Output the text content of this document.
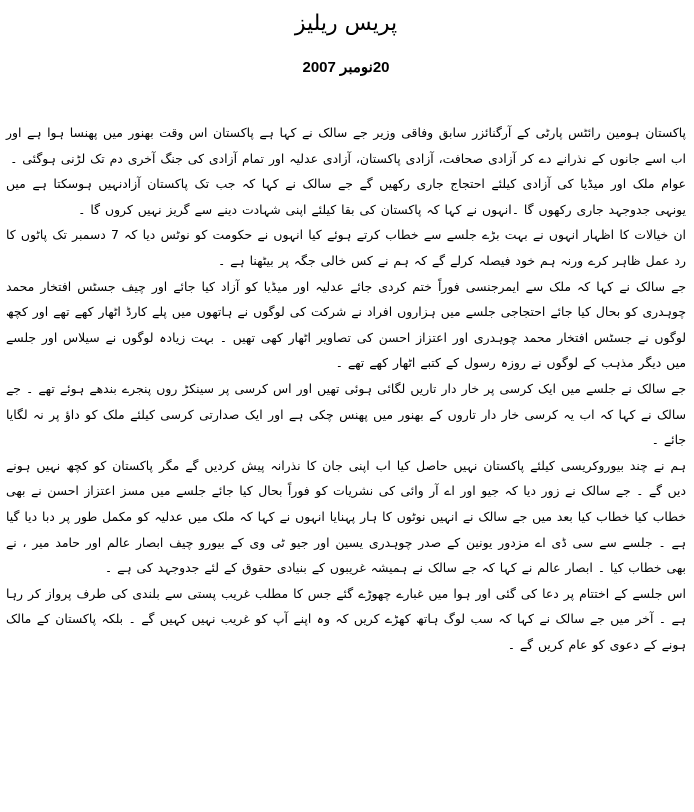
پریس ریلیز
20نومبر 2007

پاکستان ہومین رائٹس پارٹی کے آرگنائزر سابق وفاقی وزیر جے سالک نے کہا ہے پاکستان اس وقت بھنور میں پھنسا ہوا ہے اور اب اسے جانوں کے نذرانے دے کر آزادی صحافت، آزادی پاکستان، آزادی عدلیہ اور تمام آزادی کی جنگ آخری دم تک لڑنی ہوگئی ۔

عوام ملک اور میڈیا کی آزادی کیلئے احتجاج جاری رکھیں گے جے سالک نے کہا کہ جب تک پاکستان آزادنہیں ہوسکتا ہے میں یونہی جدوجہد جاری رکھوں گا ۔انہوں نے کہا کہ پاکستان کی بقا کیلئے اپنی شہادت دینے سے گریز نہیں کروں گا ۔

ان خیالات کا اظہار انہوں نے بہت بڑے جلسے سے خطاب کرتے ہوئے کیا انہوں نے حکومت کو نوٹس دیا کہ 7 دسمبر تک پاٹوں کا رد عمل ظاہر کرے ورنہ ہم خود فیصلہ کرلے گے کہ ہم نے کس خالی جگہ پر بیٹھنا ہے ۔

جے سالک نے کہا کہ ملک سے ایمرجنسی فوراً ختم کردی جائے عدلیہ اور میڈیا کو آزاد کیا جائے اور چیف جسٹس افتخار محمد چوہدری کو بحال کیا جائے احتجاجی جلسے میں ہزاروں افراد نے شرکت کی لوگوں نے ہاتھوں میں پلے کارڈ اٹھار کھے تھے اور کچھ لوگوں نے جسٹس افتخار محمد چوہدری اور اعتزاز احسن کی تصاویر اٹھار کھی تھیں ۔ بہت زیادہ لوگوں نے سیلاس اور جلسے میں دیگر مذہب کے لوگوں نے روزہ رسول کے کتبے اٹھار کھے تھے ۔

جے سالک نے جلسے میں ایک کرسی پر خار دار تاریں لگائی ہوئی تھیں اور اس کرسی پر سینکڑ روں پنجرے بندھے ہوئے تھے ۔ جے سالک نے کہا کہ اب یہ کرسی خار دار تاروں کے بھنور میں پھنس چکی ہے اور ایک صدارتی کرسی کیلئے ملک کو داؤ پر نہ لگایا جائے ۔

ہم نے چند بیوروکریسی کیلئے پاکستان نہیں حاصل کیا اب اپنی جان کا نذرانہ پیش کردیں گے مگر پاکستان کو کچھ نہیں ہونے دیں گے ۔ جے سالک نے زور دیا کہ جیو اور اے آر وائی کی نشریات کو فوراً بحال کیا جائے جلسے میں مسز اعتزاز احسن نے بھی خطاب کیا خطاب کیا بعد میں جے سالک نے انہیں نوٹوں کا ہار پہنایا انہوں نے کہا کہ ملک میں عدلیہ کو مکمل طور پر دبا دیا گیا ہے ۔ جلسے سے سی ڈی اے مزدور یونین کے صدر چوہدری یسین اور جیو ٹی وی کے بیورو چیف ابصار عالم اور حامد میر ، نے بھی خطاب کیا ۔ ابصار عالم نے کہا کہ جے سالک نے ہمیشہ غریبوں کے بنیادی حقوق کے لئے جدوجہد کی ہے ۔

اس جلسے کے اختتام پر دعا کی گئی اور ہوا میں غبارے چھوڑے گئے جس کا مطلب غریب پستی سے بلندی کی طرف پرواز کر رہا ہے ۔ آخر میں جے سالک نے کہا کہ سب لوگ ہاتھ کھڑے کریں کہ وہ اپنے آپ کو غریب نہیں کہیں گے ۔ بلکہ پاکستان کے مالک ہونے کے دعوی کو عام کریں گے ۔
